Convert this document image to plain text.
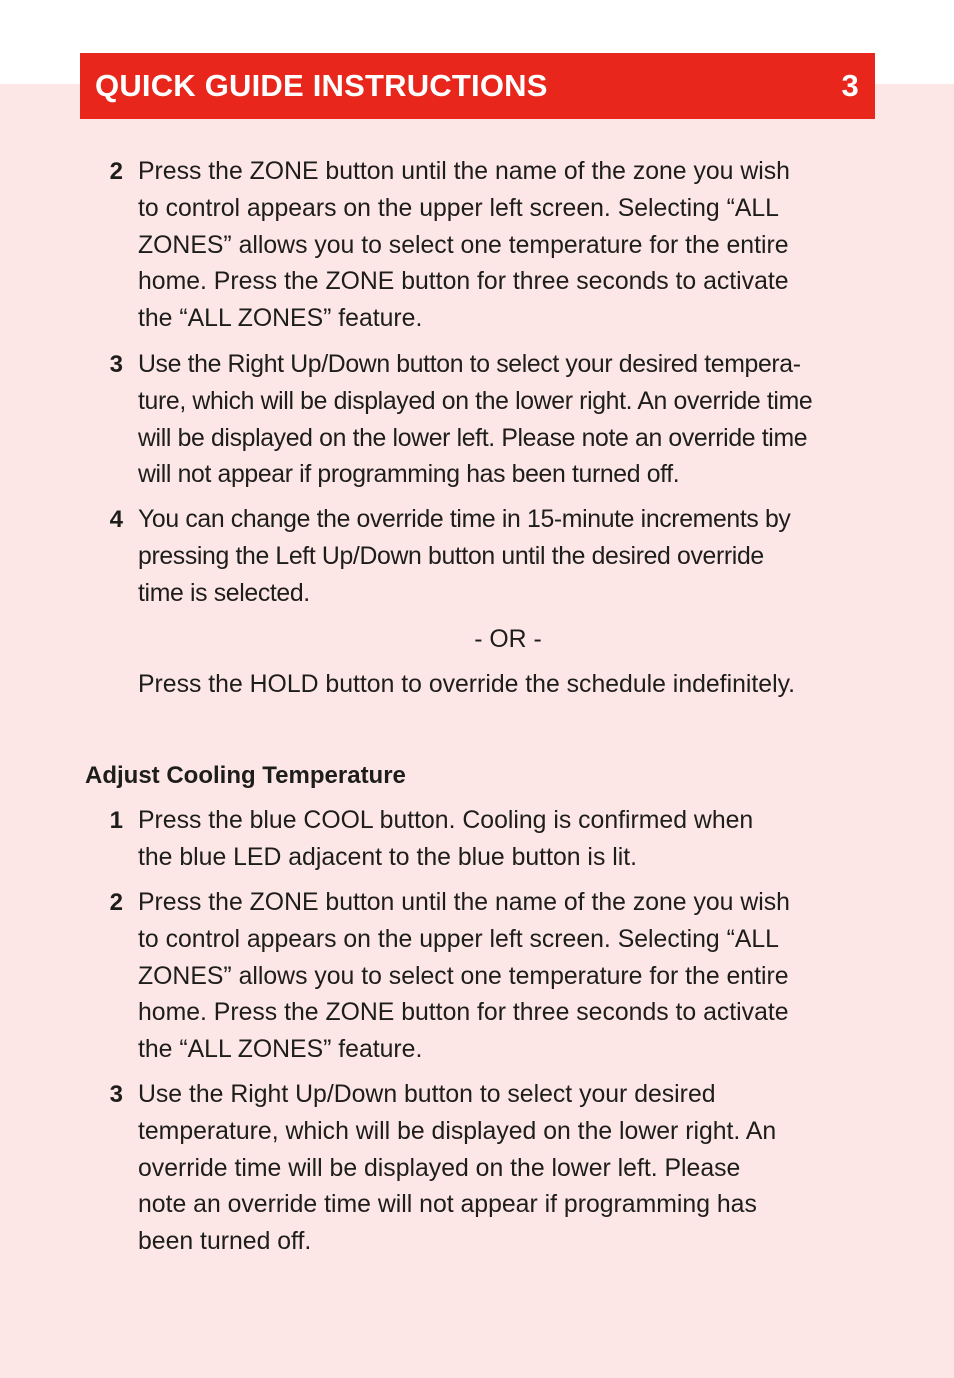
QUICK GUIDE INSTRUCTIONS	3
2 Press the ZONE button until the name of the zone you wish
to control appears on the upper left screen. Selecting “ALL
ZONES” allows you to select one temperature for the entire
home. Press the ZONE button for three seconds to activate
the “ALL ZONES” feature.
3 Use the Right Up/Down button to select your desired tempera-
ture, which will be displayed on the lower right. An override time
will be displayed on the lower left. Please note an override time
will not appear if programming has been turned off.
4 You can change the override time in 15-minute increments by
pressing the Left Up/Down button until the desired override
time is selected.
- OR -
Press the HOLD button to override the schedule indefinitely.
Adjust Cooling Temperature
1 Press the blue COOL button. Cooling is confirmed when
the blue LED adjacent to the blue button is lit.
2 Press the ZONE button until the name of the zone you wish
to control appears on the upper left screen. Selecting “ALL
ZONES” allows you to select one temperature for the entire
home. Press the ZONE button for three seconds to activate
the “ALL ZONES” feature.
3 Use the Right Up/Down button to select your desired
temperature, which will be displayed on the lower right. An
override time will be displayed on the lower left. Please
note an override time will not appear if programming has
been turned off.
